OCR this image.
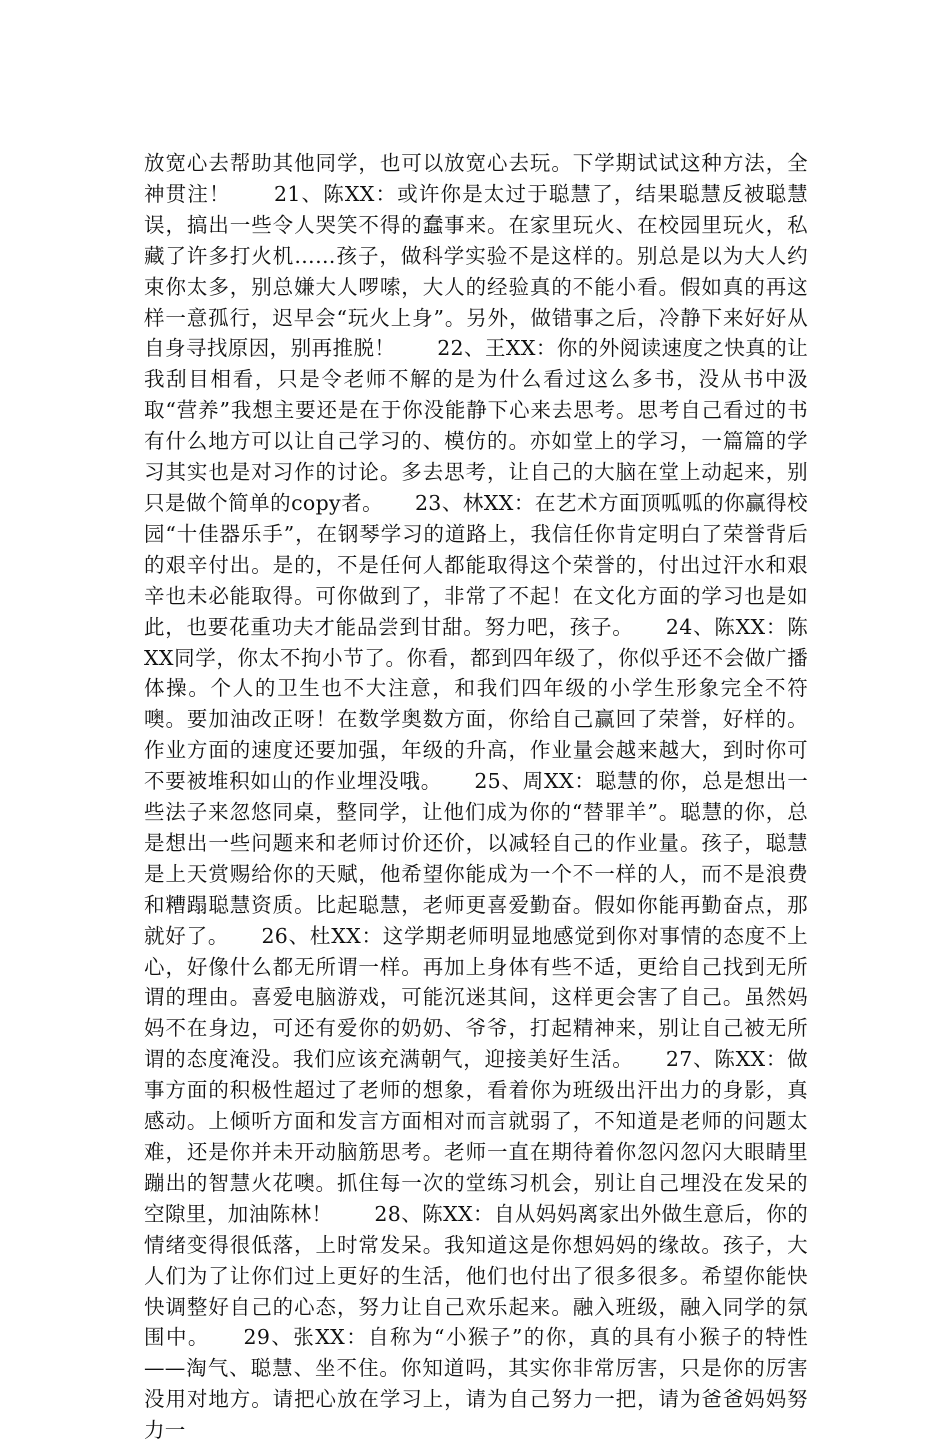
放宽心去帮助其他同学，也可以放宽心去玩。下学期试试这种方法，全神贯注！　　21、陈XX：或许你是太过于聪慧了，结果聪慧反被聪慧误，搞出一些令人哭笑不得的蠢事来。在家里玩火、在校园里玩火，私藏了许多打火机……孩子，做科学实验不是这样的。别总是以为大人约束你太多，别总嫌大人啰嗦，大人的经验真的不能小看。假如真的再这样一意孤行，迟早会“玩火上身”。另外，做错事之后，冷静下来好好从自身寻找原因，别再推脱！　　22、王XX：你的外阅读速度之快真的让我刮目相看，只是令老师不解的是为什么看过这么多书，没从书中汲取“营养”我想主要还是在于你没能静下心来去思考。思考自己看过的书有什么地方可以让自己学习的、模仿的。亦如堂上的学习，一篇篇的学习其实也是对习作的讨论。多去思考，让自己的大脑在堂上动起来，别只是做个简单的copy者。　　23、林XX：在艺术方面顶呱呱的你赢得校园“十佳器乐手”，在钢琴学习的道路上，我信任你肯定明白了荣誉背后的艰辛付出。是的，不是任何人都能取得这个荣誉的，付出过汗水和艰辛也未必能取得。可你做到了，非常了不起！在文化方面的学习也是如此，也要花重功夫才能品尝到甘甜。努力吧，孩子。　　24、陈XX：陈XX同学，你太不拘小节了。你看，都到四年级了，你似乎还不会做广播体操。个人的卫生也不大注意，和我们四年级的小学生形象完全不符噢。要加油改正呀！在数学奥数方面，你给自己赢回了荣誉，好样的。作业方面的速度还要加强，年级的升高，作业量会越来越大，到时你可不要被堆积如山的作业埋没哦。　　25、周XX：聪慧的你，总是想出一些法子来忽悠同桌，整同学，让他们成为你的“替罪羊”。聪慧的你，总是想出一些问题来和老师讨价还价，以减轻自己的作业量。孩子，聪慧是上天赏赐给你的天赋，他希望你能成为一个不一样的人，而不是浪费和糟蹋聪慧资质。比起聪慧，老师更喜爱勤奋。假如你能再勤奋点，那就好了。　　26、杜XX：这学期老师明显地感觉到你对事情的态度不上心，好像什么都无所谓一样。再加上身体有些不适，更给自己找到无所谓的理由。喜爱电脑游戏，可能沉迷其间，这样更会害了自己。虽然妈妈不在身边，可还有爱你的奶奶、爷爷，打起精神来，别让自己被无所谓的态度淹没。我们应该充满朝气，迎接美好生活。　　27、陈XX：做事方面的积极性超过了老师的想象，看着你为班级出汗出力的身影，真感动。上倾听方面和发言方面相对而言就弱了，不知道是老师的问题太难，还是你并未开动脑筋思考。老师一直在期待着你忽闪忽闪大眼睛里蹦出的智慧火花噢。抓住每一次的堂练习机会，别让自己埋没在发呆的空隙里，加油陈林！　　28、陈XX：自从妈妈离家出外做生意后，你的情绪变得很低落，上时常发呆。我知道这是你想妈妈的缘故。孩子，大人们为了让你们过上更好的生活，他们也付出了很多很多。希望你能快快调整好自己的心态，努力让自己欢乐起来。融入班级，融入同学的氛围中。　　29、张XX：自称为“小猴子”的你，真的具有小猴子的特性——淘气、聪慧、坐不住。你知道吗，其实你非常厉害，只是你的厉害没用对地方。请把心放在学习上，请为自己努力一把，请为爸爸妈妈努力一
